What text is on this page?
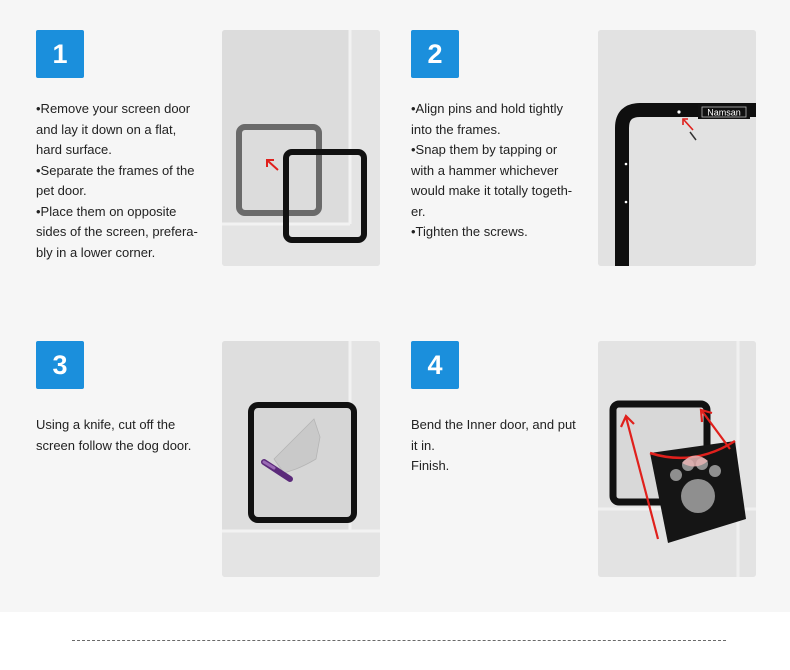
1
•Remove your screen door
and lay it down on a flat,
hard surface.
•Separate the frames of the
pet door.
•Place them on opposite
sides of the screen, prefera-
bly in a lower corner.
2
•Align pins and hold tightly
into the frames.
•Snap them by tapping or
with a hammer whichever
would make it totally togeth-
er.
•Tighten the screws.
Namsan
3
Using a knife, cut off the
screen follow the dog door.
4
Bend the Inner door, and put
it in.
Finish.
